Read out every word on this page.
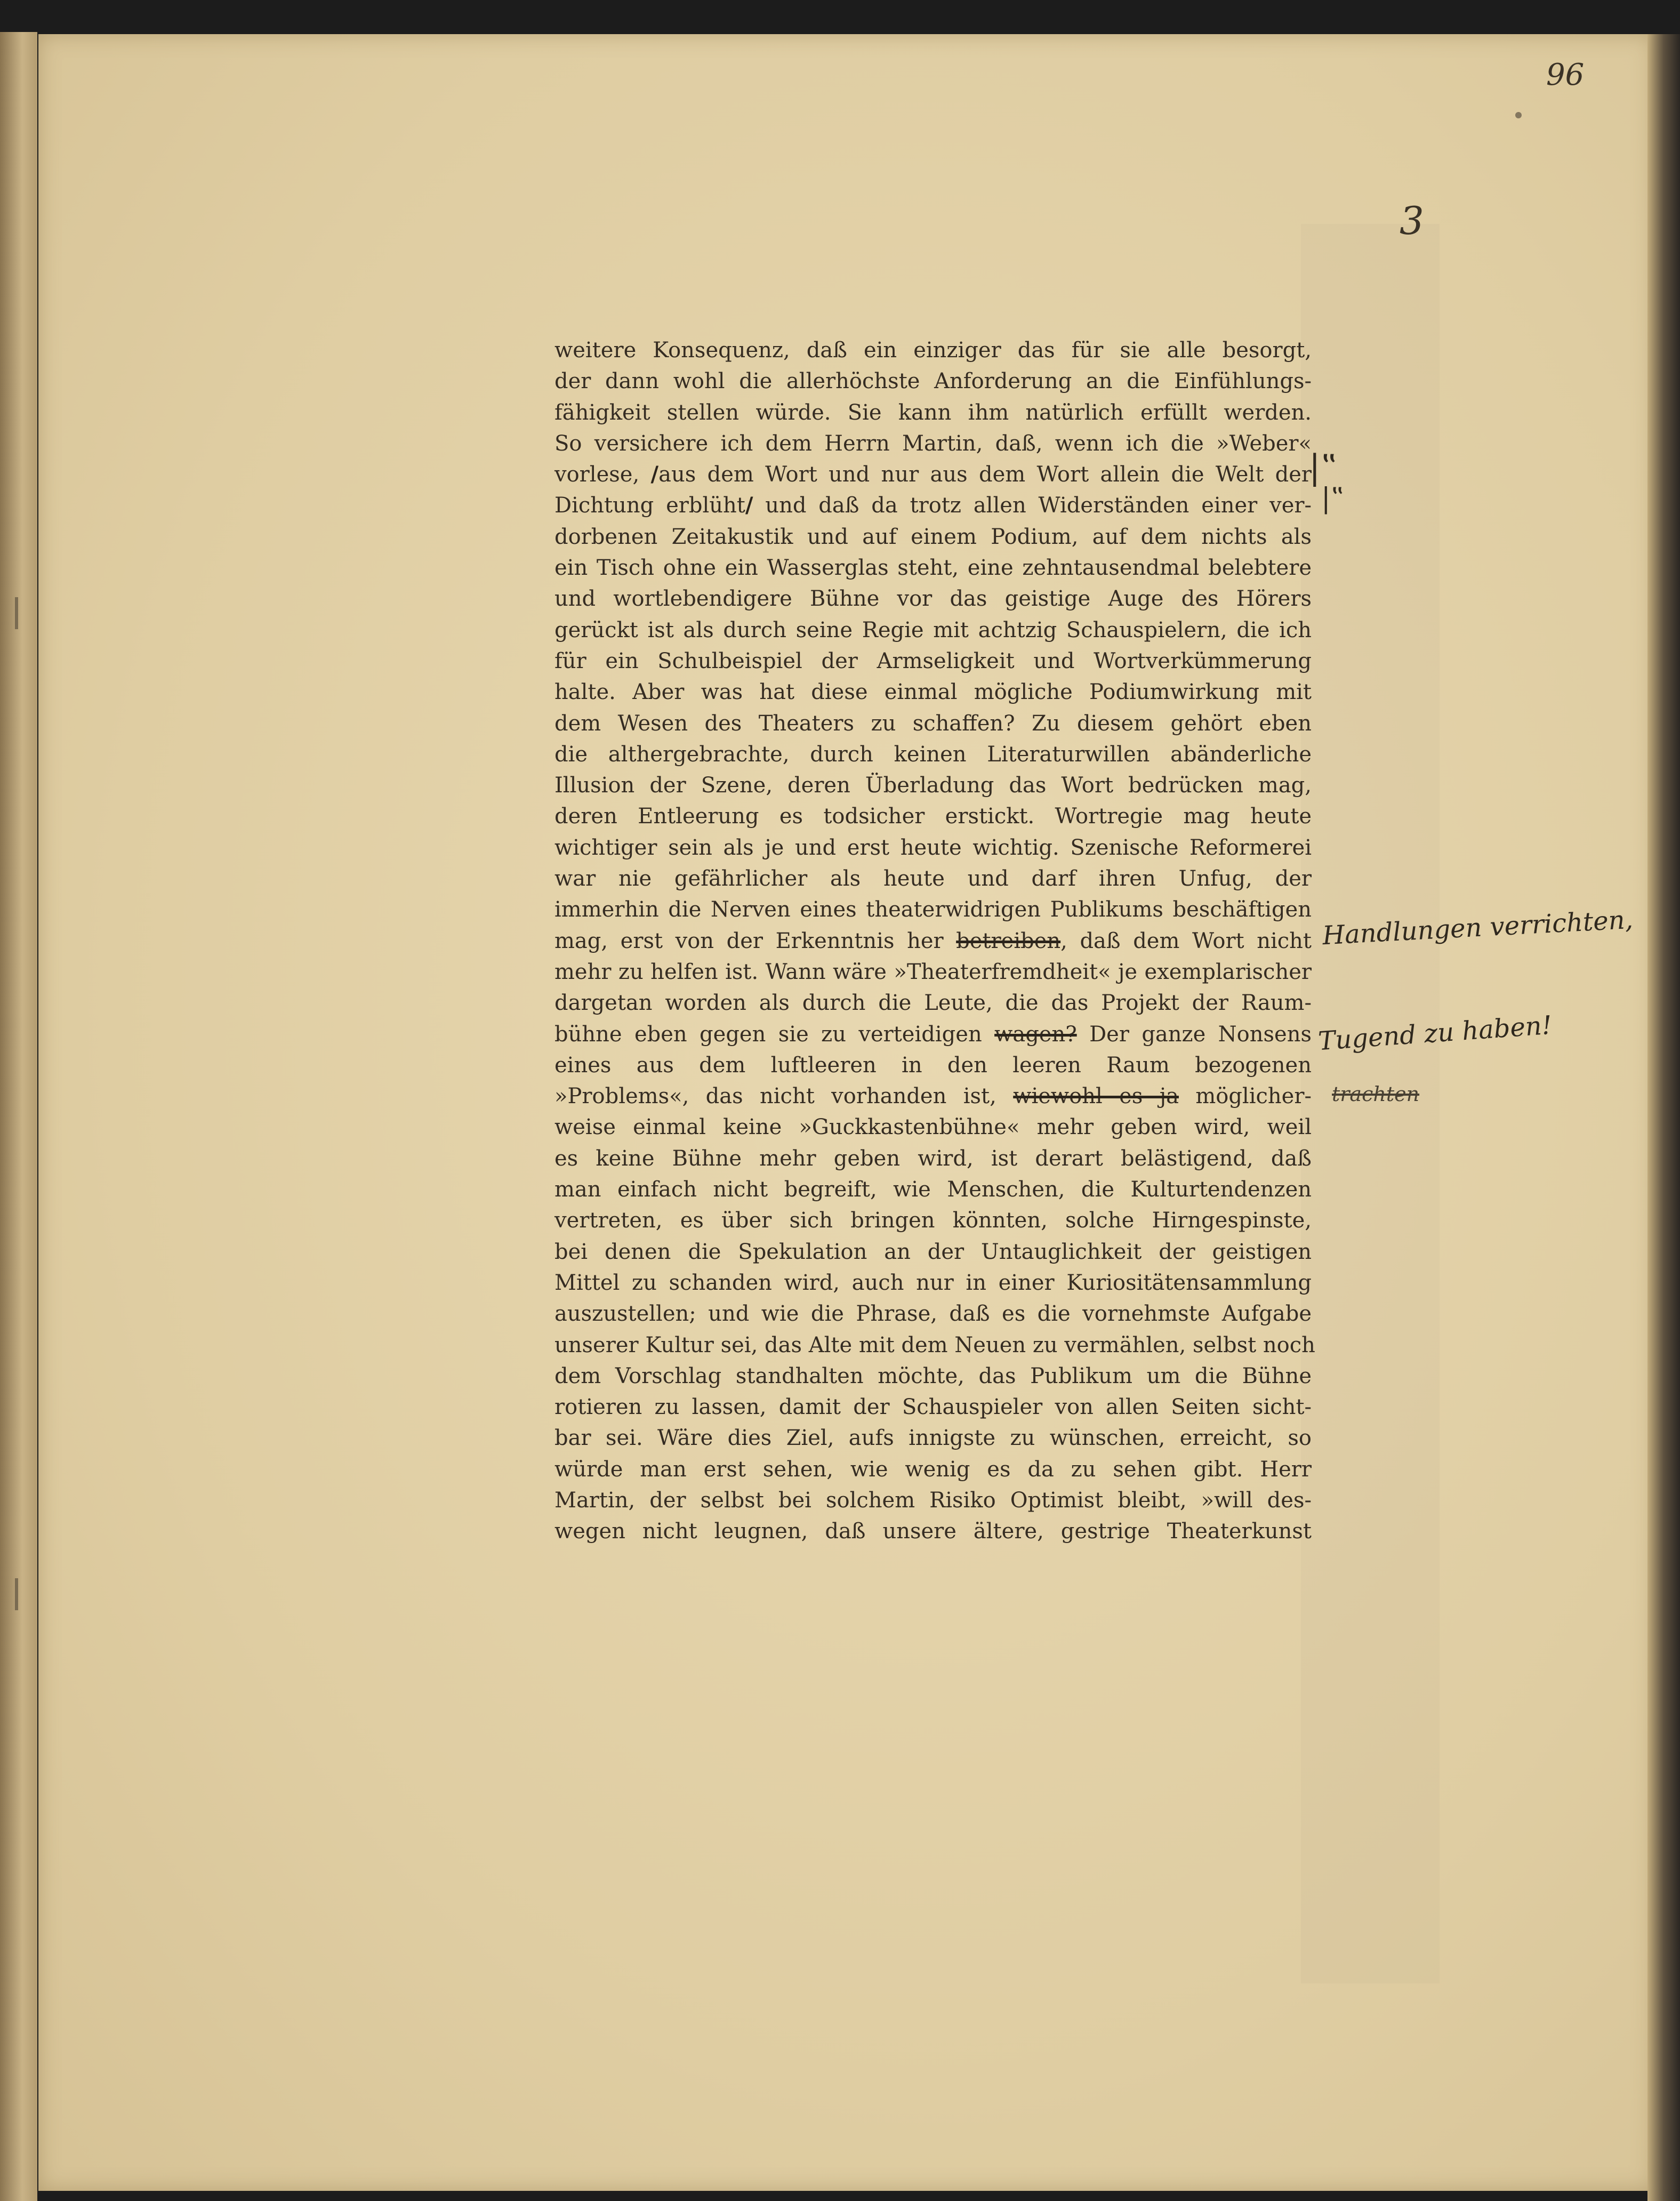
96
3
weitere Konsequenz, daß ein einziger das für sie alle besorgt,
der dann wohl die allerhöchste Anforderung an die Einfühlungs-
fähigkeit stellen würde. Sie kann ihm natürlich erfüllt werden.
So versichere ich dem Herrn Martin, daß, wenn ich die »Weber«
vorlese, /aus dem Wort und nur aus dem Wort allein die Welt der
Dichtung erblüht/ und daß da trotz allen Widerständen einer ver-
dorbenen Zeitakustik und auf einem Podium, auf dem nichts als
ein Tisch ohne ein Wasserglas steht, eine zehntausendmal belebtere
und wortlebendigere Bühne vor das geistige Auge des Hörers
gerückt ist als durch seine Regie mit achtzig Schauspielern, die ich
für ein Schulbeispiel der Armseligkeit und Wortverkümmerung
halte. Aber was hat diese einmal mögliche Podiumwirkung mit
dem Wesen des Theaters zu schaffen? Zu diesem gehört eben
die althergebrachte, durch keinen Literaturwillen abänderliche
Illusion der Szene, deren Überladung das Wort bedrücken mag,
deren Entleerung es todsicher erstickt. Wortregie mag heute
wichtiger sein als je und erst heute wichtig. Szenische Reformerei
war nie gefährlicher als heute und darf ihren Unfug, der
immerhin die Nerven eines theaterwidrigen Publikums beschäftigen
mag, erst von der Erkenntnis her betreiben, daß dem Wort nicht
mehr zu helfen ist. Wann wäre »Theaterfremdheit« je exemplarischer
dargetan worden als durch die Leute, die das Projekt der Raum-
bühne eben gegen sie zu verteidigen wagen? Der ganze Nonsens
eines aus dem luftleeren in den leeren Raum bezogenen
»Problems«, das nicht vorhanden ist, wiewohl es ja möglicher-
weise einmal keine »Guckkastenbühne« mehr geben wird, weil
es keine Bühne mehr geben wird, ist derart belästigend, daß
man einfach nicht begreift, wie Menschen, die Kulturtendenzen
vertreten, es über sich bringen könnten, solche Hirngespinste,
bei denen die Spekulation an der Untauglichkeit der geistigen
Mittel zu schanden wird, auch nur in einer Kuriositätensammlung
auszustellen; und wie die Phrase, daß es die vornehmste Aufgabe
unserer Kultur sei, das Alte mit dem Neuen zu vermählen, selbst noch
dem Vorschlag standhalten möchte, das Publikum um die Bühne
rotieren zu lassen, damit der Schauspieler von allen Seiten sicht-
bar sei. Wäre dies Ziel, aufs innigste zu wünschen, erreicht, so
würde man erst sehen, wie wenig es da zu sehen gibt. Herr
Martin, der selbst bei solchem Risiko Optimist bleibt, »will des-
wegen nicht leugnen, daß unsere ältere, gestrige Theaterkunst
|‟
|‟
Handlungen verrichten,
Tugend zu haben!
trachten
